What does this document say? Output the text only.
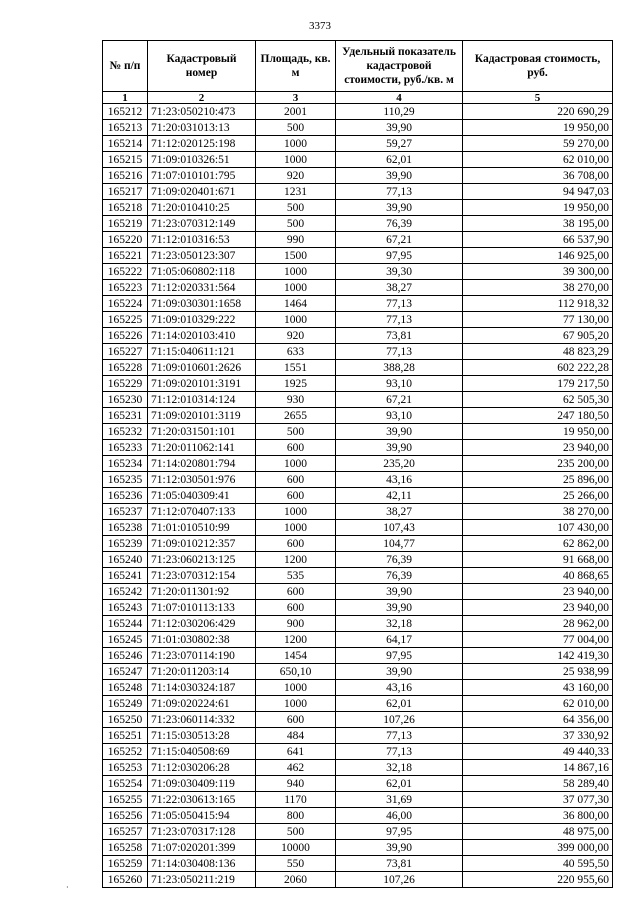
3373
№ п/п	Кадастровый номер	Площадь, кв. м	Удельный показатель кадастровой стоимости, руб./кв. м	Кадастровая стоимость, руб.
1	2	3	4	5
165212	71:23:050210:473	2001	110,29	220 690,29
165213	71:20:031013:13	500	39,90	19 950,00
165214	71:12:020125:198	1000	59,27	59 270,00
165215	71:09:010326:51	1000	62,01	62 010,00
165216	71:07:010101:795	920	39,90	36 708,00
165217	71:09:020401:671	1231	77,13	94 947,03
165218	71:20:010410:25	500	39,90	19 950,00
165219	71:23:070312:149	500	76,39	38 195,00
165220	71:12:010316:53	990	67,21	66 537,90
165221	71:23:050123:307	1500	97,95	146 925,00
165222	71:05:060802:118	1000	39,30	39 300,00
165223	71:12:020331:564	1000	38,27	38 270,00
165224	71:09:030301:1658	1464	77,13	112 918,32
165225	71:09:010329:222	1000	77,13	77 130,00
165226	71:14:020103:410	920	73,81	67 905,20
165227	71:15:040611:121	633	77,13	48 823,29
165228	71:09:010601:2626	1551	388,28	602 222,28
165229	71:09:020101:3191	1925	93,10	179 217,50
165230	71:12:010314:124	930	67,21	62 505,30
165231	71:09:020101:3119	2655	93,10	247 180,50
165232	71:20:031501:101	500	39,90	19 950,00
165233	71:20:011062:141	600	39,90	23 940,00
165234	71:14:020801:794	1000	235,20	235 200,00
165235	71:12:030501:976	600	43,16	25 896,00
165236	71:05:040309:41	600	42,11	25 266,00
165237	71:12:070407:133	1000	38,27	38 270,00
165238	71:01:010510:99	1000	107,43	107 430,00
165239	71:09:010212:357	600	104,77	62 862,00
165240	71:23:060213:125	1200	76,39	91 668,00
165241	71:23:070312:154	535	76,39	40 868,65
165242	71:20:011301:92	600	39,90	23 940,00
165243	71:07:010113:133	600	39,90	23 940,00
165244	71:12:030206:429	900	32,18	28 962,00
165245	71:01:030802:38	1200	64,17	77 004,00
165246	71:23:070114:190	1454	97,95	142 419,30
165247	71:20:011203:14	650,10	39,90	25 938,99
165248	71:14:030324:187	1000	43,16	43 160,00
165249	71:09:020224:61	1000	62,01	62 010,00
165250	71:23:060114:332	600	107,26	64 356,00
165251	71:15:030513:28	484	77,13	37 330,92
165252	71:15:040508:69	641	77,13	49 440,33
165253	71:12:030206:28	462	32,18	14 867,16
165254	71:09:030409:119	940	62,01	58 289,40
165255	71:22:030613:165	1170	31,69	37 077,30
165256	71:05:050415:94	800	46,00	36 800,00
165257	71:23:070317:128	500	97,95	48 975,00
165258	71:07:020201:399	10000	39,90	399 000,00
165259	71:14:030408:136	550	73,81	40 595,50
165260	71:23:050211:219	2060	107,26	220 955,60
·
